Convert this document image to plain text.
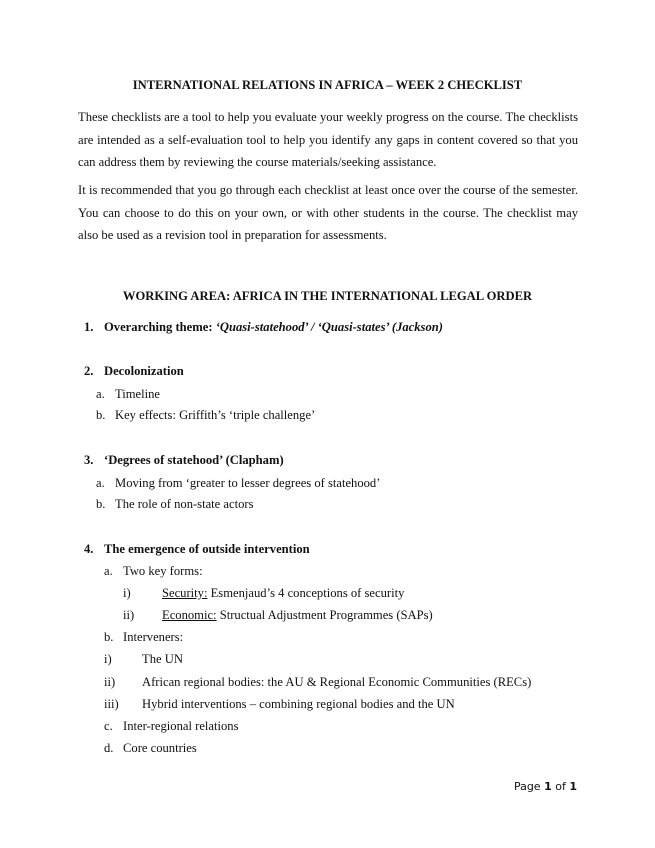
INTERNATIONAL RELATIONS IN AFRICA – WEEK 2 CHECKLIST

These checklists are a tool to help you evaluate your weekly progress on the course. The checklists are intended as a self-evaluation tool to help you identify any gaps in content covered so that you can address them by reviewing the course materials/seeking assistance.

It is recommended that you go through each checklist at least once over the course of the semester. You can choose to do this on your own, or with other students in the course. The checklist may also be used as a revision tool in preparation for assessments.

WORKING AREA: AFRICA IN THE INTERNATIONAL LEGAL ORDER
1. Overarching theme: ‘Quasi-statehood’ / ‘Quasi-states’ (Jackson)
2. Decolonization
a. Timeline
b. Key effects: Griffith’s ‘triple challenge’
3. ‘Degrees of statehood’ (Clapham)
a. Moving from ‘greater to lesser degrees of statehood’
b. The role of non-state actors
4. The emergence of outside intervention
a. Two key forms:
i) Security: Esmenjaud’s 4 conceptions of security
ii) Economic: Structual Adjustment Programmes (SAPs)
b. Interveners:
i) The UN
ii) African regional bodies: the AU & Regional Economic Communities (RECs)
iii) Hybrid interventions – combining regional bodies and the UN
c. Inter-regional relations
d. Core countries
Page 1 of 1
